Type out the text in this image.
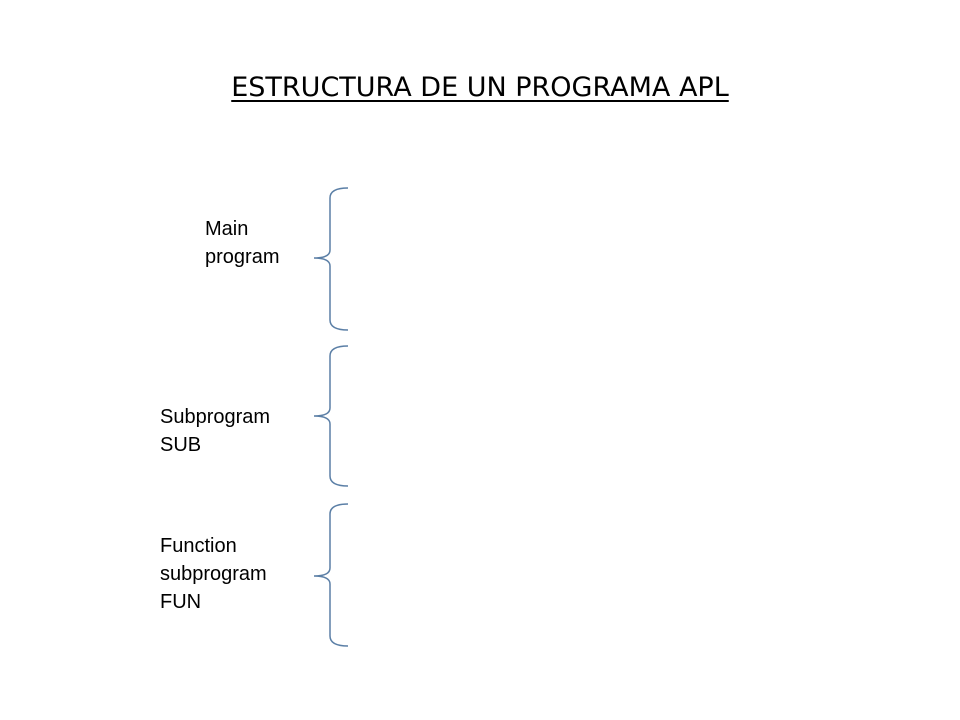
ESTRUCTURA DE UN PROGRAMA APL
Main
program
Subprogram
SUB
Function
subprogram
FUN
